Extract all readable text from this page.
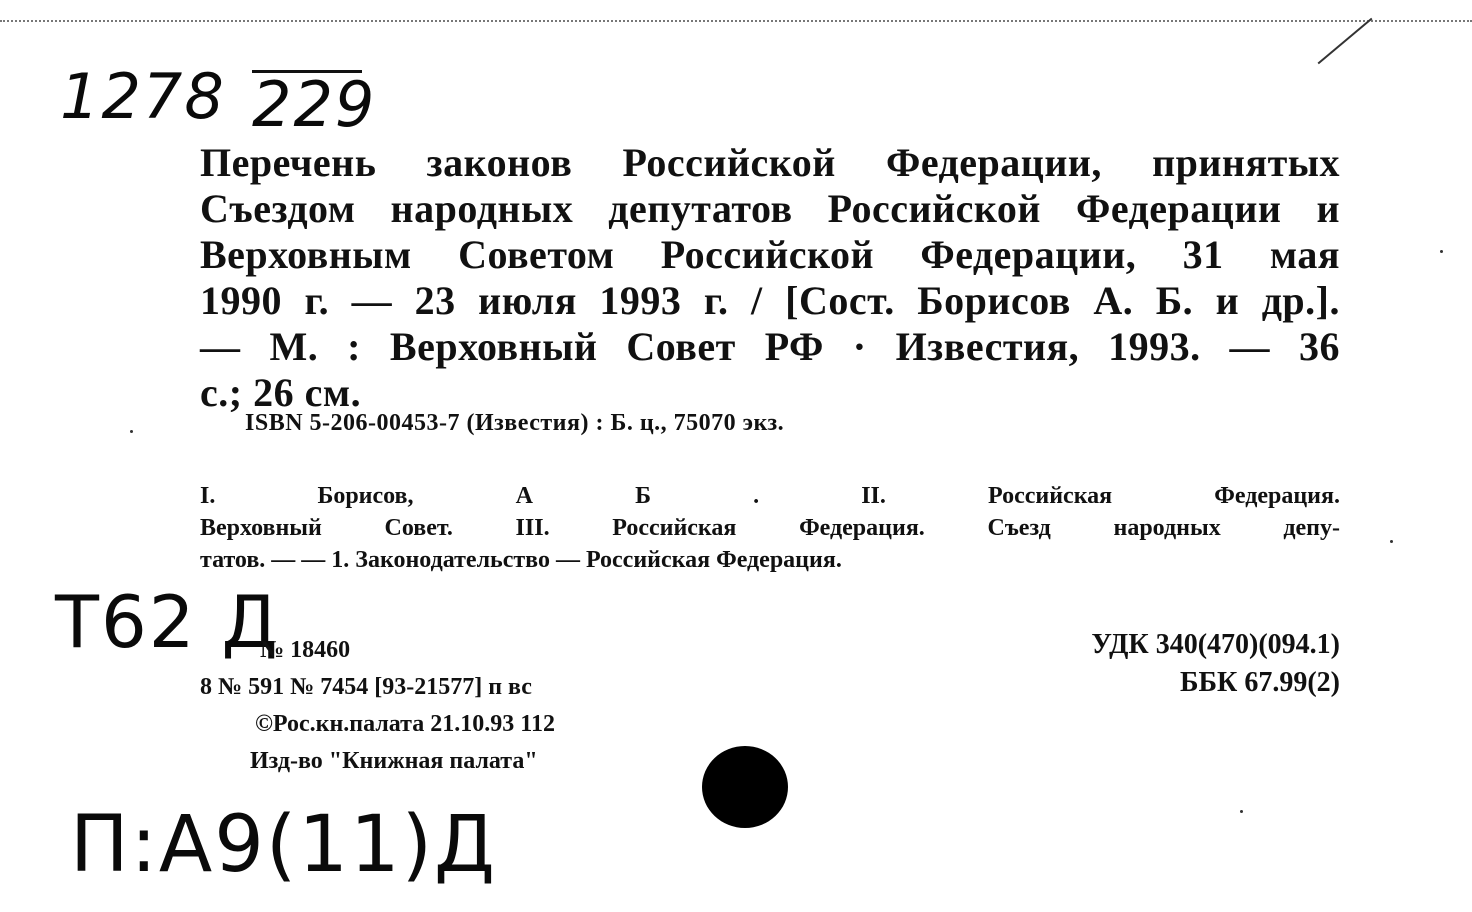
1278 229
Перечень законов Российской Федерации, принятых
Съездом народных депутатов Российской Федерации и
Верховным Советом Российской Федерации, 31 мая
1990 г. — 23 июля 1993 г. / [Сост. Борисов А. Б. и др.].
— М. : Верховный Совет РФ · Известия, 1993. — 36
с.; 26 см.
ISBN 5-206-00453-7 (Известия) : Б. ц., 75070 экз.
I. Борисов, А Б . II. Российская Федерация.
Верховный Совет. III. Российская Федерация. Съезд народных депу-
татов. — — 1. Законодательство — Российская Федерация.
Т62 Д
№ 18460
8 № 591 № 7454 [93-21577] п вс
©Рос.кн.палата 21.10.93 112
Изд-во "Книжная палата"
УДК 340(470)(094.1)
ББК 67.99(2)
П:А9(11)Д
